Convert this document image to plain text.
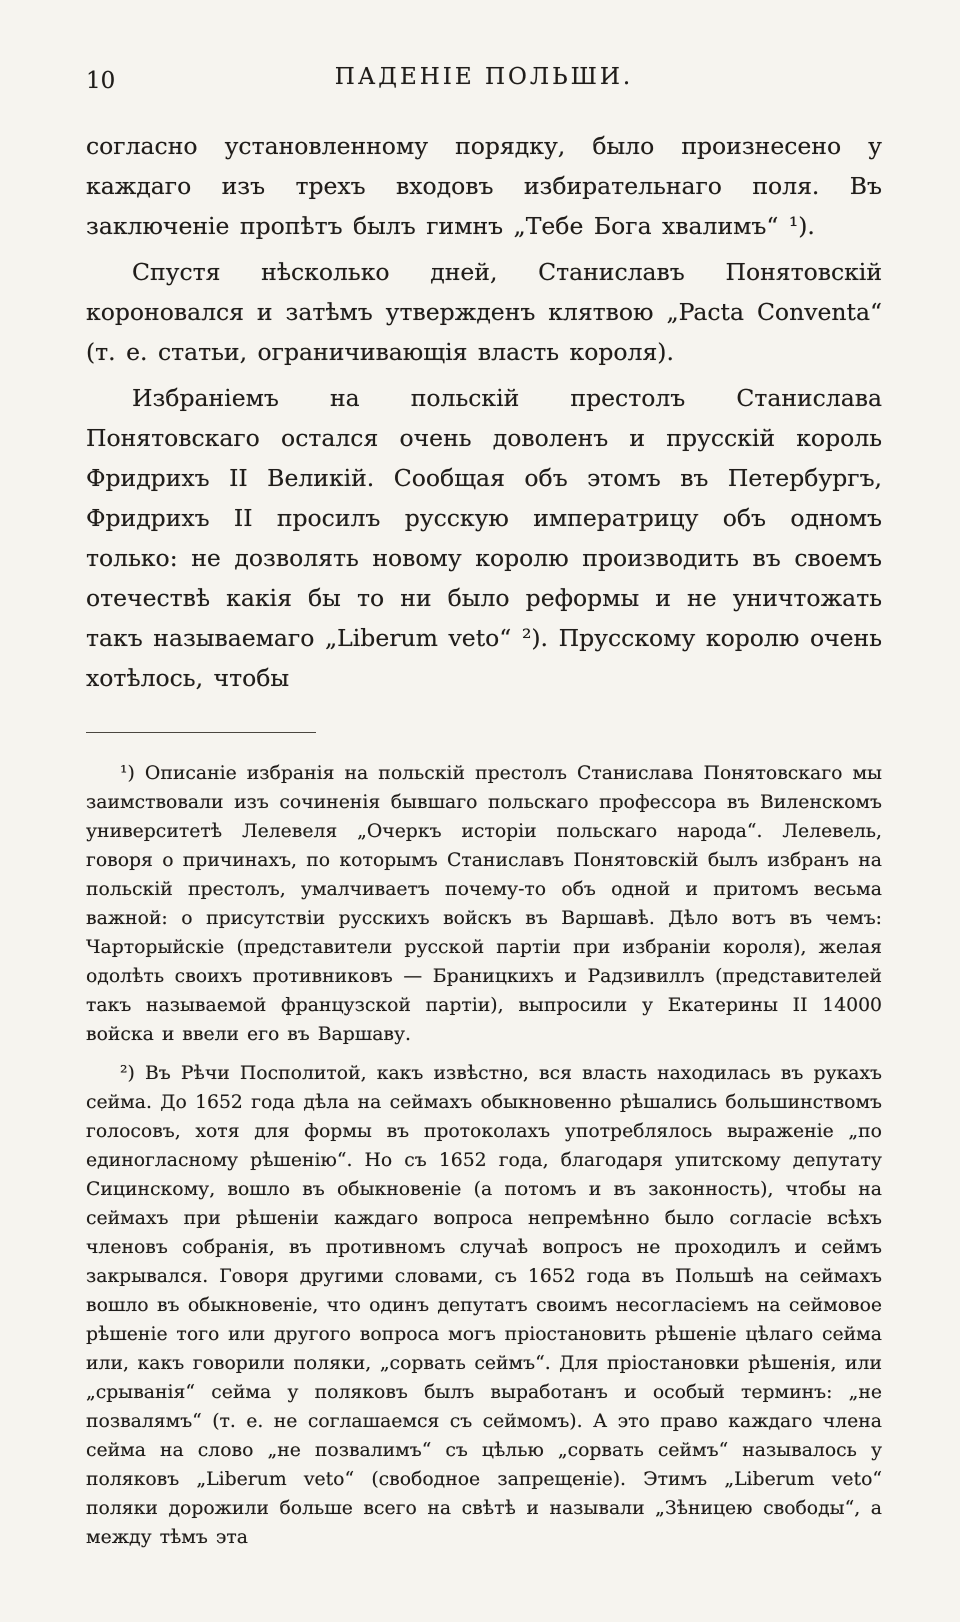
10	ПАДЕНІЕ ПОЛЬШИ.

согласно установленному порядку, было произнесено у каждаго изъ трехъ входовъ избирательнаго поля. Въ заключеніе пропѣтъ былъ гимнъ „Тебе Бога хвалимъ“ ¹).

Спустя нѣсколько дней, Станиславъ Понятовскій короновался и затѣмъ утвержденъ клятвою „Pacta Conventa“ (т. е. статьи, ограничивающія власть короля).

Избраніемъ на польскій престолъ Станислава Понятовскаго остался очень доволенъ и прусскій король Фридрихъ II Великій. Сообщая объ этомъ въ Петербургъ, Фридрихъ II просилъ русскую императрицу объ одномъ только: не дозволять новому королю производить въ своемъ отечествѣ какія бы то ни было реформы и не уничтожать такъ называемаго „Liberum veto“ ²). Прусскому королю очень хотѣлось, чтобы

¹) Описаніе избранія на польскій престолъ Станислава Понятовскаго мы заимствовали изъ сочиненія бывшаго польскаго профессора въ Виленскомъ университетѣ Лелевеля „Очеркъ исторіи польскаго народа“. Лелевель, говоря о причинахъ, по которымъ Станиславъ Понятовскій былъ избранъ на польскій престолъ, умалчиваетъ почему-то объ одной и притомъ весьма важной: о присутствіи русскихъ войскъ въ Варшавѣ. Дѣло вотъ въ чемъ: Чарторыйскіе (представители русской партіи при избраніи короля), желая одолѣть своихъ противниковъ — Браницкихъ и Радзивиллъ (представителей такъ называемой французской партіи), выпросили у Екатерины II 14000 войска и ввели его въ Варшаву.

²) Въ Рѣчи Посполитой, какъ извѣстно, вся власть находилась въ рукахъ сейма. До 1652 года дѣла на сеймахъ обыкновенно рѣшались большинствомъ голосовъ, хотя для формы въ протоколахъ употреблялось выраженіе „по единогласному рѣшенію“. Но съ 1652 года, благодаря упитскому депутату Сицинскому, вошло въ обыкновеніе (а потомъ и въ законность), чтобы на сеймахъ при рѣшеніи каждаго вопроса непремѣнно было согласіе всѣхъ членовъ собранія, въ противномъ случаѣ вопросъ не проходилъ и сеймъ закрывался. Говоря другими словами, съ 1652 года въ Польшѣ на сеймахъ вошло въ обыкновеніе, что одинъ депутатъ своимъ несогласіемъ на сеймовое рѣшеніе того или другого вопроса могъ пріостановить рѣшеніе цѣлаго сейма или, какъ говорили поляки, „сорвать сеймъ“. Для пріостановки рѣшенія, или „срыванія“ сейма у поляковъ былъ выработанъ и особый терминъ: „не позвалямъ“ (т. е. не соглашаемся съ сеймомъ). А это право каждаго члена сейма на слово „не позвалимъ“ съ цѣлью „сорвать сеймъ“ называлось у поляковъ „Liberum veto“ (свободное запрещеніе). Этимъ „Liberum veto“ поляки дорожили больше всего на свѣтѣ и называли „Зѣницею свободы“, а между тѣмъ эта
